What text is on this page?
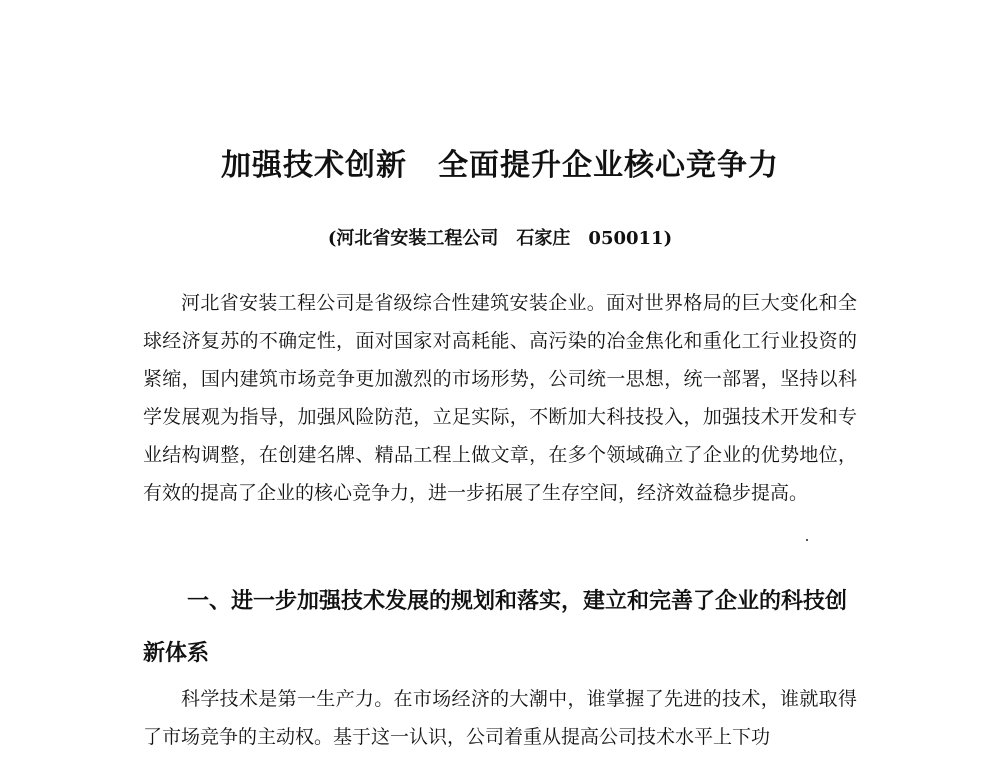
加强技术创新　全面提升企业核心竞争力
(河北省安装工程公司　石家庄　050011)

河北省安装工程公司是省级综合性建筑安装企业。面对世界格局的巨大变化和全球经济复苏的不确定性，面对国家对高耗能、高污染的冶金焦化和重化工行业投资的紧缩，国内建筑市场竞争更加激烈的市场形势，公司统一思想，统一部署，坚持以科学发展观为指导，加强风险防范，立足实际，不断加大科技投入，加强技术开发和专业结构调整，在创建名牌、精品工程上做文章，在多个领域确立了企业的优势地位，有效的提高了企业的核心竞争力，进一步拓展了生存空间，经济效益稳步提高。

一、进一步加强技术发展的规划和落实，建立和完善了企业的科技创新体系

科学技术是第一生产力。在市场经济的大潮中，谁掌握了先进的技术，谁就取得了市场竞争的主动权。基于这一认识，公司着重从提高公司技术水平上下功
